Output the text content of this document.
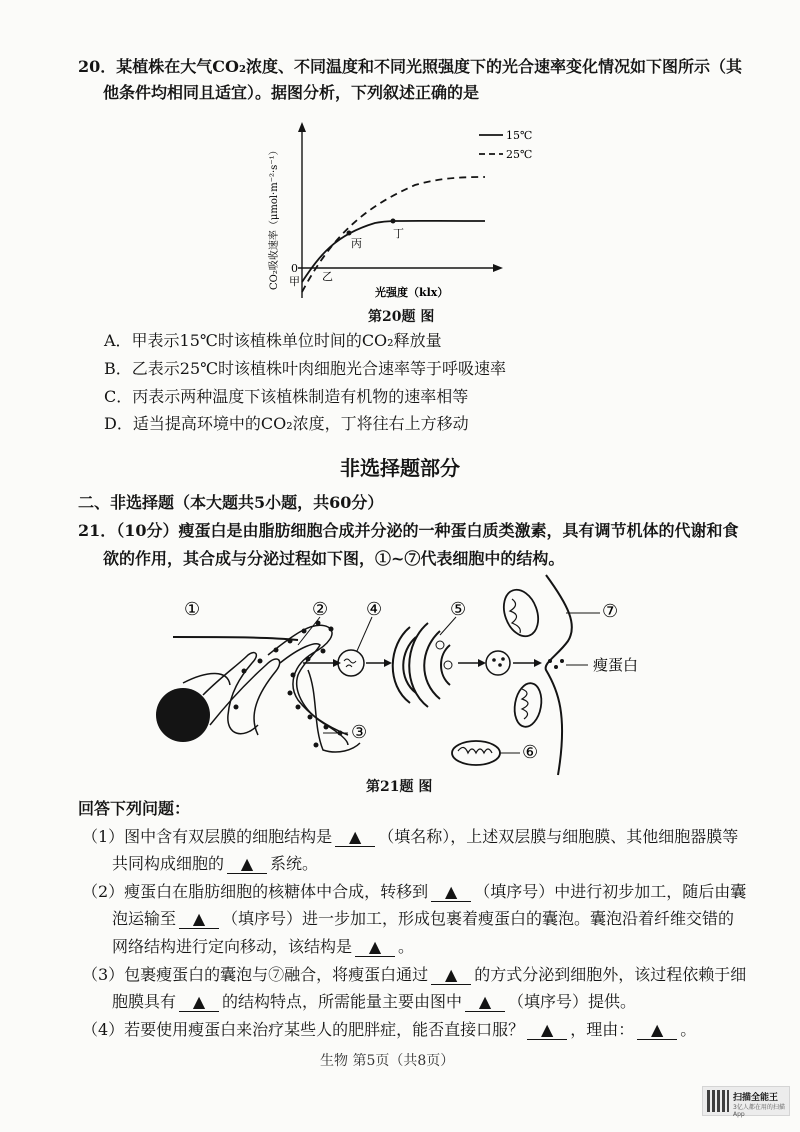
20．某植株在大气CO₂浓度、不同温度和不同光照强度下的光合速率变化情况如下图所示（其
他条件均相同且适宜）。据图分析，下列叙述正确的是
15℃
25℃
CO₂吸收速率（μmol·m⁻²·s⁻¹） 0
甲 乙
丙
丁
光强度（klx）
第20题 图
A．甲表示15℃时该植株单位时间的CO₂释放量
B．乙表示25℃时该植株叶肉细胞光合速率等于呼吸速率
C．丙表示两种温度下该植株制造有机物的速率相等
D．适当提高环境中的CO₂浓度，丁将往右上方移动
非选择题部分
二、非选择题（本大题共5小题，共60分）
21．（10分）瘦蛋白是由脂肪细胞合成并分泌的一种蛋白质类激素，具有调节机体的代谢和食
欲的作用，其合成与分泌过程如下图，①~⑦代表细胞中的结构。
①	② ④	⑤	⑦
③
⑥
瘦蛋白
第21题 图
回答下列问题：
（1）图中含有双层膜的细胞结构是 ▲ （填名称），上述双层膜与细胞膜、其他细胞器膜等
共同构成细胞的 ▲ 系统。
（2）瘦蛋白在脂肪细胞的核糖体中合成，转移到 ▲ （填序号）中进行初步加工，随后由囊
泡运输至 ▲ （填序号）进一步加工，形成包裹着瘦蛋白的囊泡。囊泡沿着纤维交错的
网络结构进行定向移动，该结构是 ▲ 。
（3）包裹瘦蛋白的囊泡与⑦融合，将瘦蛋白通过 ▲ 的方式分泌到细胞外，该过程依赖于细
胞膜具有 ▲ 的结构特点，所需能量主要由图中 ▲ （填序号）提供。
（4）若要使用瘦蛋白来治疗某些人的肥胖症，能否直接口服？ ▲ ，理由： ▲ 。
生物 第5页（共8页）
扫描全能王
3亿人都在用的扫描App
